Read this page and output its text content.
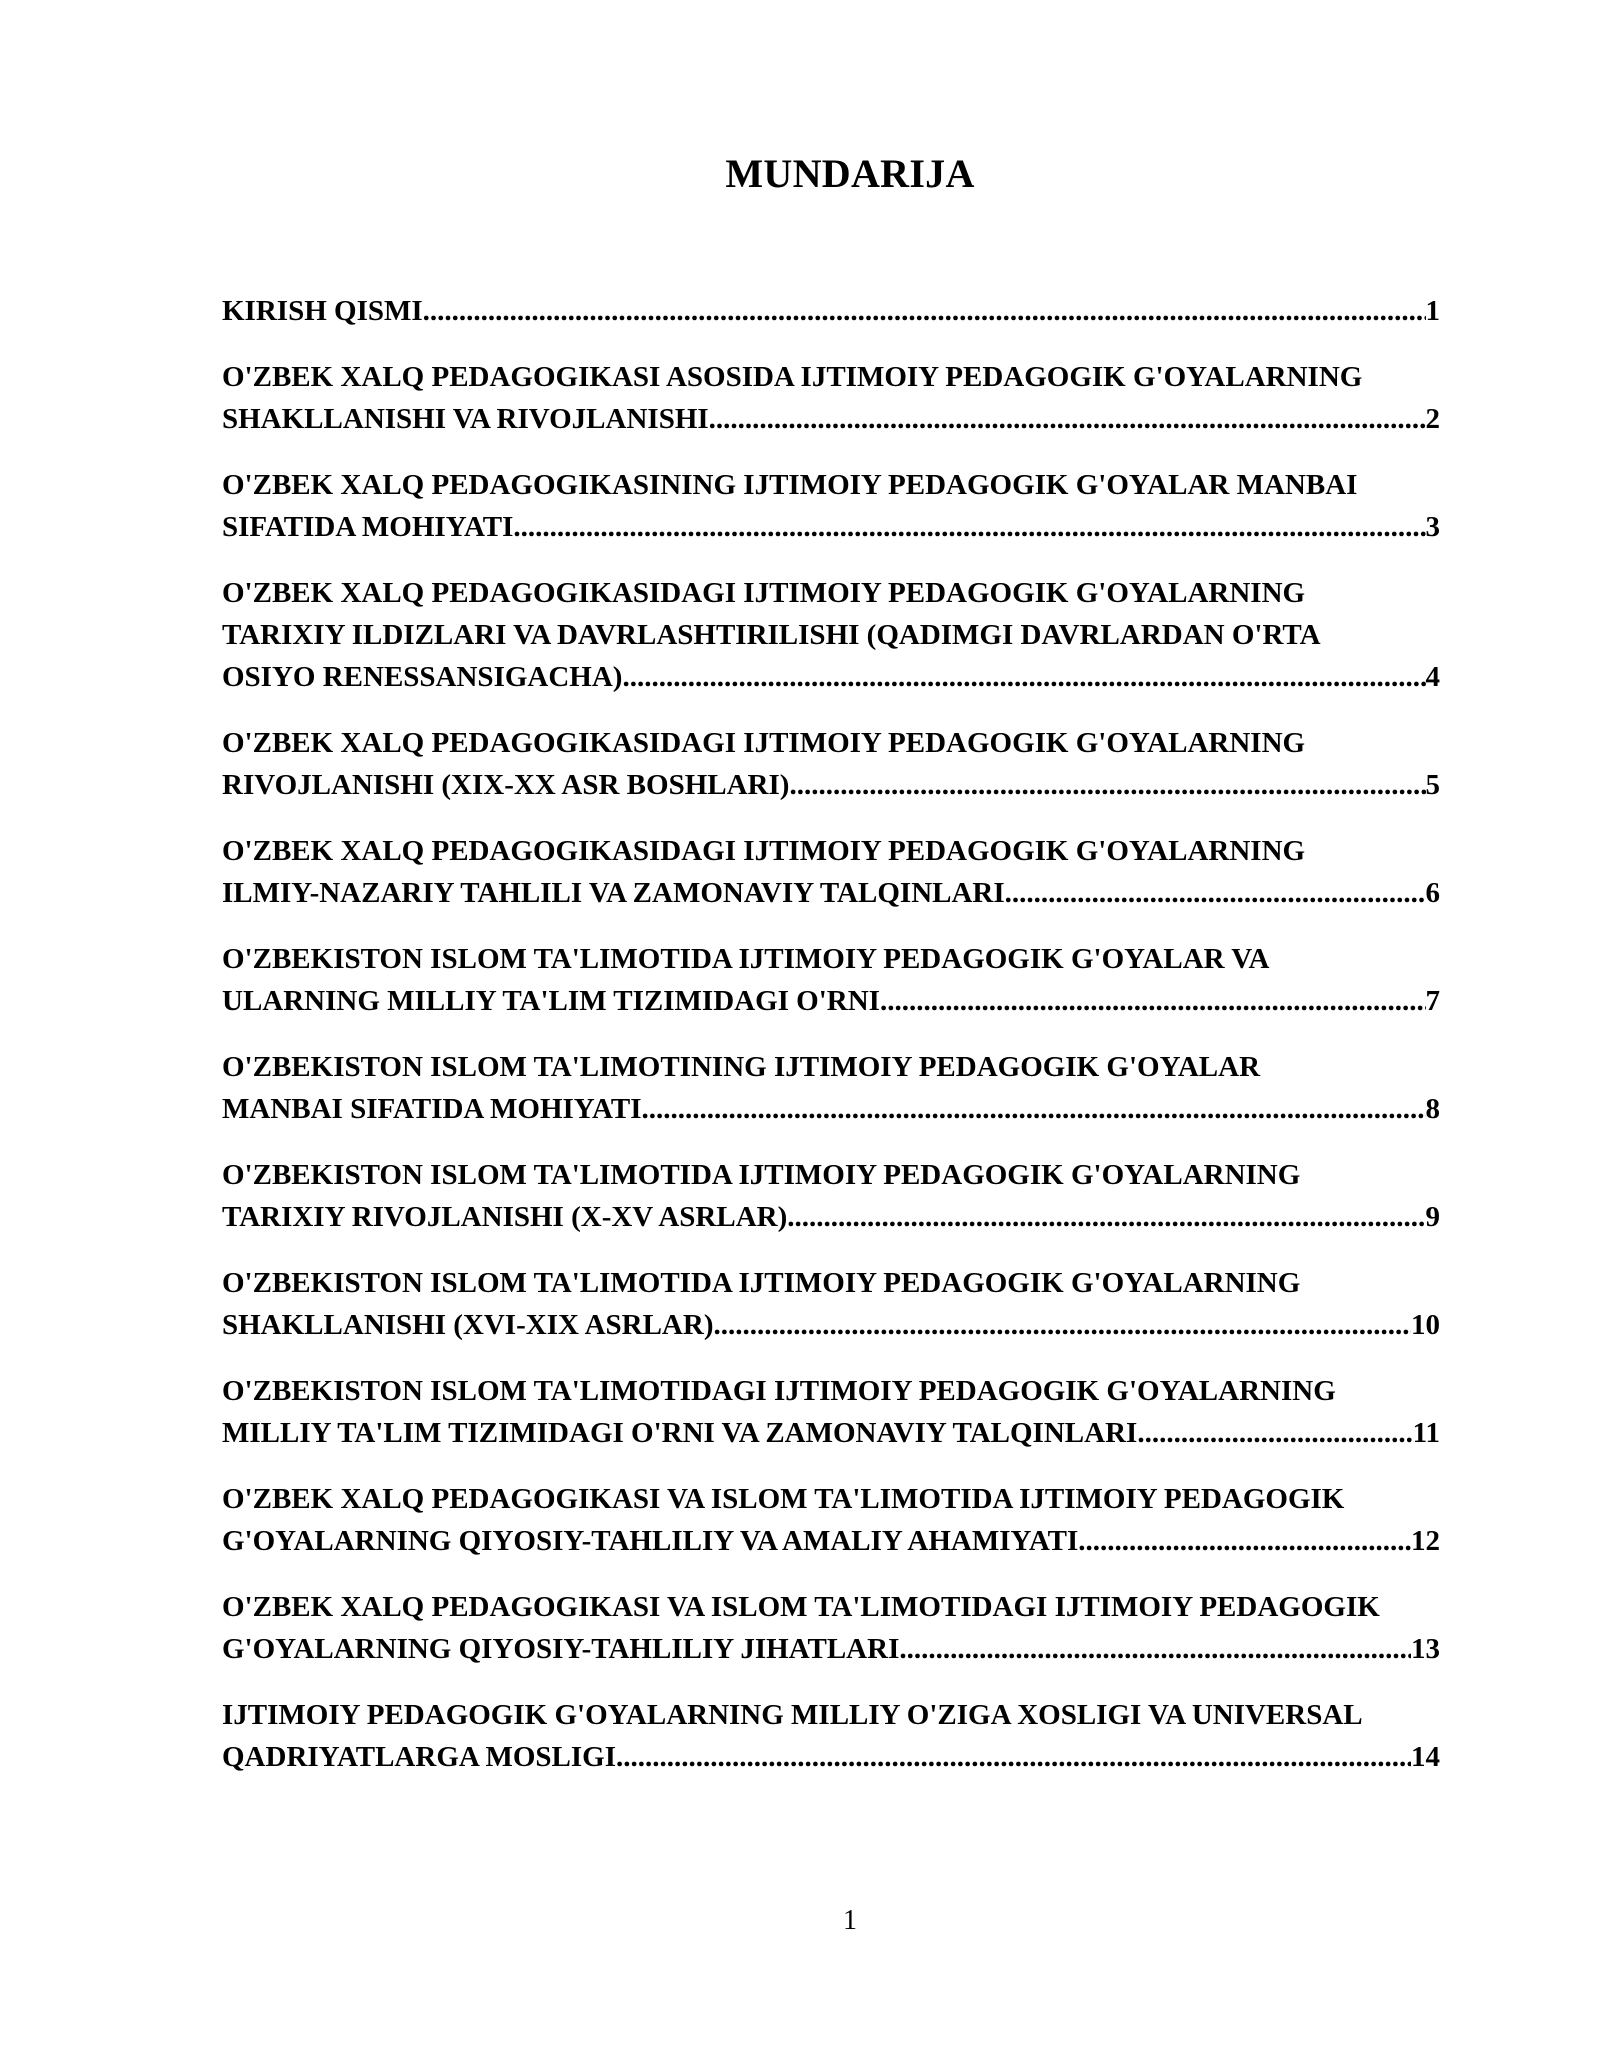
MUNDARIJA
KIRISH QISMI .....	1
O'ZBEK XALQ PEDAGOGIKASI ASOSIDA IJTIMOIY PEDAGOGIK G'OYALARNING
SHAKLLANISHI VA RIVOJLANISHI .....	2
O'ZBEK XALQ PEDAGOGIKASINING IJTIMOIY PEDAGOGIK G'OYALAR MANBAI
SIFATIDA MOHIYATI .....	3
O'ZBEK XALQ PEDAGOGIKASIDAGI IJTIMOIY PEDAGOGIK G'OYALARNING
TARIXIY ILDIZLARI VA DAVRLASHTIRILISHI (QADIMGI DAVRLARDAN O'RTA
OSIYO RENESSANSIGACHA) .....	4
O'ZBEK XALQ PEDAGOGIKASIDAGI IJTIMOIY PEDAGOGIK G'OYALARNING
RIVOJLANISHI (XIX-XX ASR BOSHLARI) .....	5
O'ZBEK XALQ PEDAGOGIKASIDAGI IJTIMOIY PEDAGOGIK G'OYALARNING
ILMIY-NAZARIY TAHLILI VA ZAMONAVIY TALQINLARI .....	6
O'ZBEKISTON ISLOM TA'LIMOTIDA IJTIMOIY PEDAGOGIK G'OYALAR VA
ULARNING MILLIY TA'LIM TIZIMIDAGI O'RNI .....	7
O'ZBEKISTON ISLOM TA'LIMOTINING IJTIMOIY PEDAGOGIK G'OYALAR
MANBAI SIFATIDA MOHIYATI .....	8
O'ZBEKISTON ISLOM TA'LIMOTIDA IJTIMOIY PEDAGOGIK G'OYALARNING
TARIXIY RIVOJLANISHI (X-XV ASRLAR) .....	9
O'ZBEKISTON ISLOM TA'LIMOTIDA IJTIMOIY PEDAGOGIK G'OYALARNING
SHAKLLANISHI (XVI-XIX ASRLAR) .....	10
O'ZBEKISTON ISLOM TA'LIMOTIDAGI IJTIMOIY PEDAGOGIK G'OYALARNING
MILLIY TA'LIM TIZIMIDAGI O'RNI VA ZAMONAVIY TALQINLARI .....	11
O'ZBEK XALQ PEDAGOGIKASI VA ISLOM TA'LIMOTIDA IJTIMOIY PEDAGOGIK
G'OYALARNING QIYOSIY-TAHLILIY VA AMALIY AHAMIYATI .....	12
O'ZBEK XALQ PEDAGOGIKASI VA ISLOM TA'LIMOTIDAGI IJTIMOIY PEDAGOGIK
G'OYALARNING QIYOSIY-TAHLILIY JIHATLARI .....	13
IJTIMOIY PEDAGOGIK G'OYALARNING MILLIY O'ZIGA XOSLIGI VA UNIVERSAL
QADRIYATLARGA MOSLIGI .....	14
1
